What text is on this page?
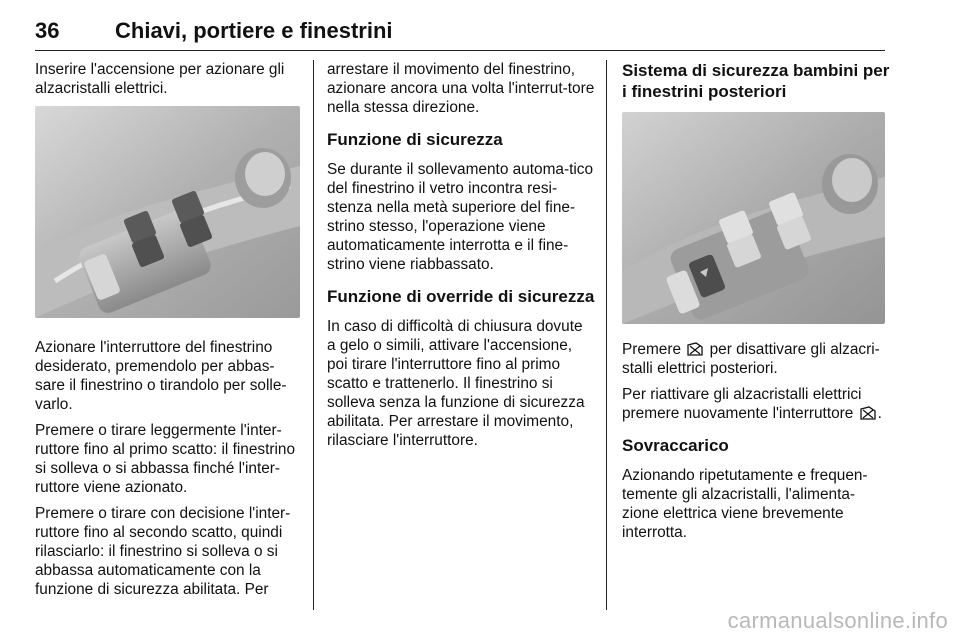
36	Chiavi, portiere e finestrini

Inserire l'accensione per azionare gli alzacristalli elettrici.

Azionare l'interruttore del finestrino desiderato, premendolo per abbas-sare il finestrino o tirandolo per solle-varlo.

Premere o tirare leggermente l'inter-ruttore fino al primo scatto: il finestrino si solleva o si abbassa finché l'inter-ruttore viene azionato.

Premere o tirare con decisione l'inter-ruttore fino al secondo scatto, quindi rilasciarlo: il finestrino si solleva o si abbassa automaticamente con la funzione di sicurezza abilitata. Per

arrestare il movimento del finestrino, azionare ancora una volta l'interrut-tore nella stessa direzione.

Funzione di sicurezza

Se durante il sollevamento automa-tico del finestrino il vetro incontra resi-stenza nella metà superiore del fine-strino stesso, l'operazione viene automaticamente interrotta e il fine-strino viene riabbassato.

Funzione di override di sicurezza

In caso di difficoltà di chiusura dovute a gelo o simili, attivare l'accensione, poi tirare l'interruttore fino al primo scatto e trattenerlo. Il finestrino si solleva senza la funzione di sicurezza abilitata. Per arrestare il movimento, rilasciare l'interruttore.

Sistema di sicurezza bambini per i finestrini posteriori

Premere per disattivare gli alzacri-stalli elettrici posteriori.

Per riattivare gli alzacristalli elettrici premere nuovamente l'interruttore .

Sovraccarico

Azionando ripetutamente e frequen-temente gli alzacristalli, l'alimenta-zione elettrica viene brevemente interrotta.

carmanualsonline.info
